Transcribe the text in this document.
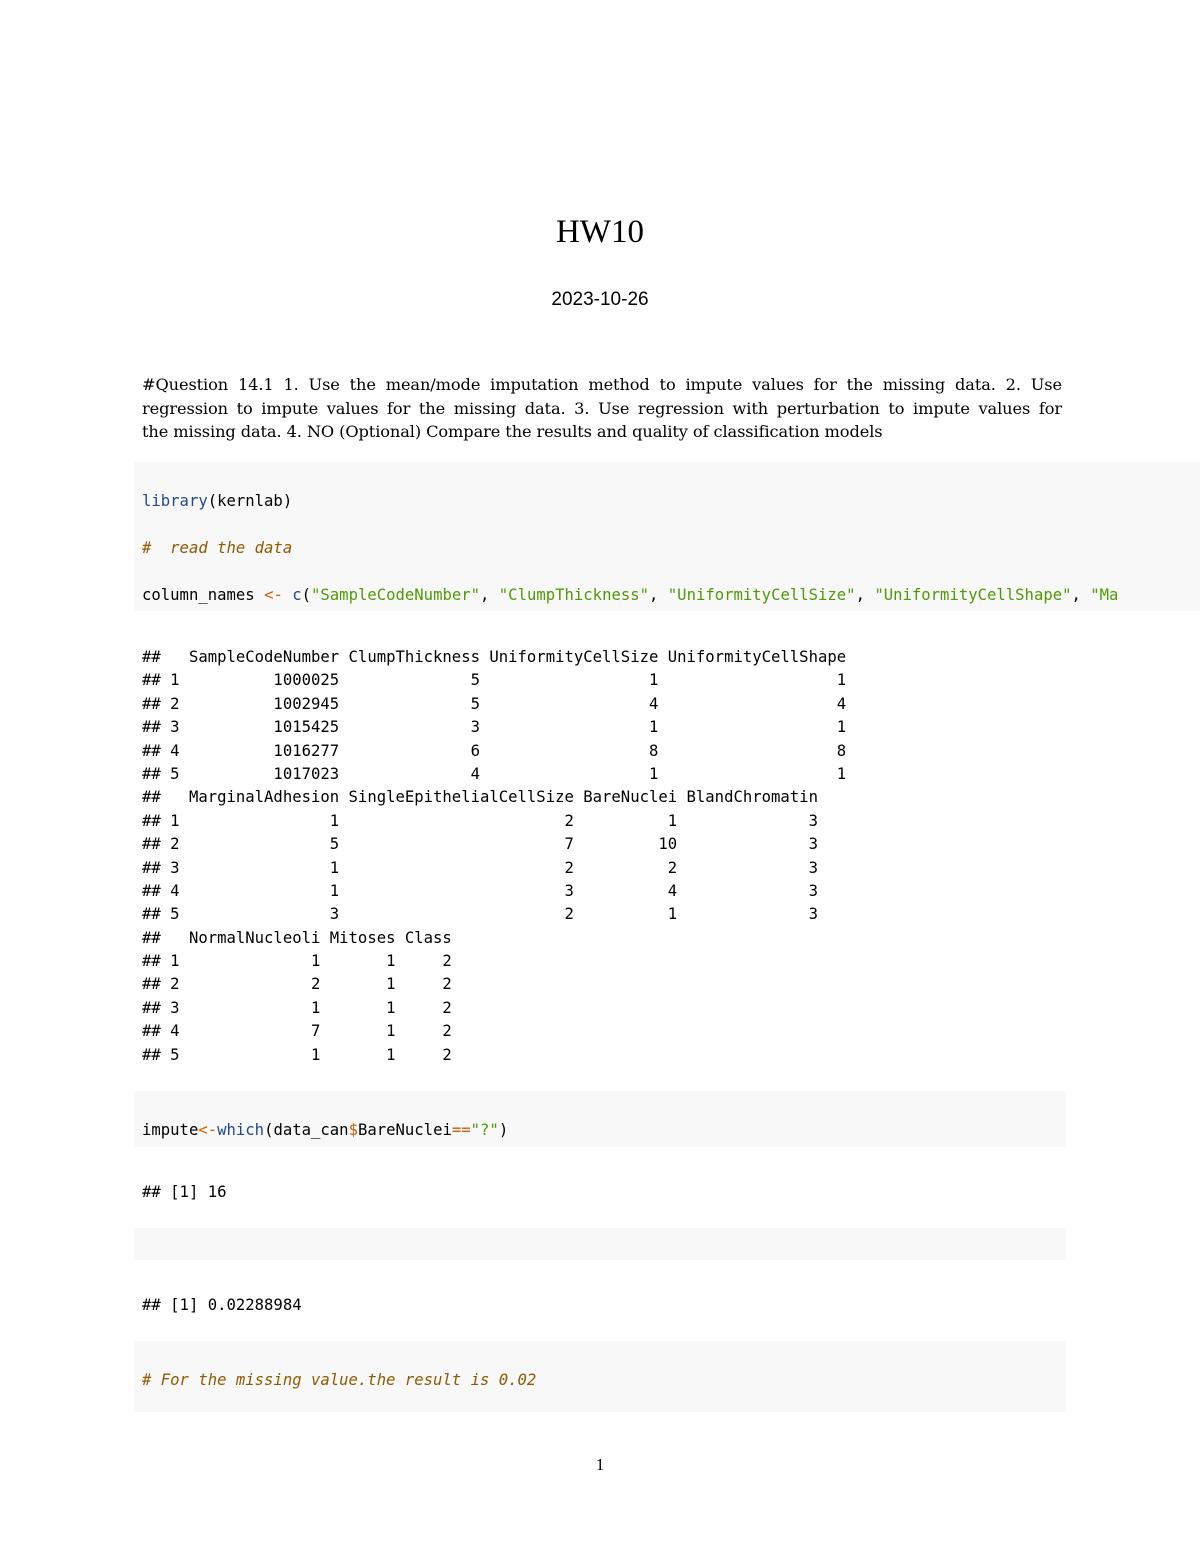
HW10
2023-10-26
#Question 14.1 1. Use the mean/mode imputation method to impute values for the missing data. 2. Use
regression to impute values for the missing data. 3. Use regression with perturbation to impute values for
the missing data. 4. NO (Optional) Compare the results and quality of classification models

library(kernlab)

#  read the data

column_names <- c("SampleCodeNumber", "ClumpThickness", "UniformityCellSize", "UniformityCellShape", "Ma

##   SampleCodeNumber ClumpThickness UniformityCellSize UniformityCellShape
## 1          1000025              5                  1                   1
## 2          1002945              5                  4                   4
## 3          1015425              3                  1                   1
## 4          1016277              6                  8                   8
## 5          1017023              4                  1                   1
##   MarginalAdhesion SingleEpithelialCellSize BareNuclei BlandChromatin
## 1                1                        2          1              3
## 2                5                        7         10              3
## 3                1                        2          2              3
## 4                1                        3          4              3
## 5                3                        2          1              3
##   NormalNucleoli Mitoses Class
## 1              1       1     2
## 2              2       1     2
## 3              1       1     2
## 4              7       1     2
## 5              1       1     2

impute<-which(data_can$BareNuclei=="?")

## [1] 16

## [1] 0.02288984

# For the missing value.the result is 0.02

1
